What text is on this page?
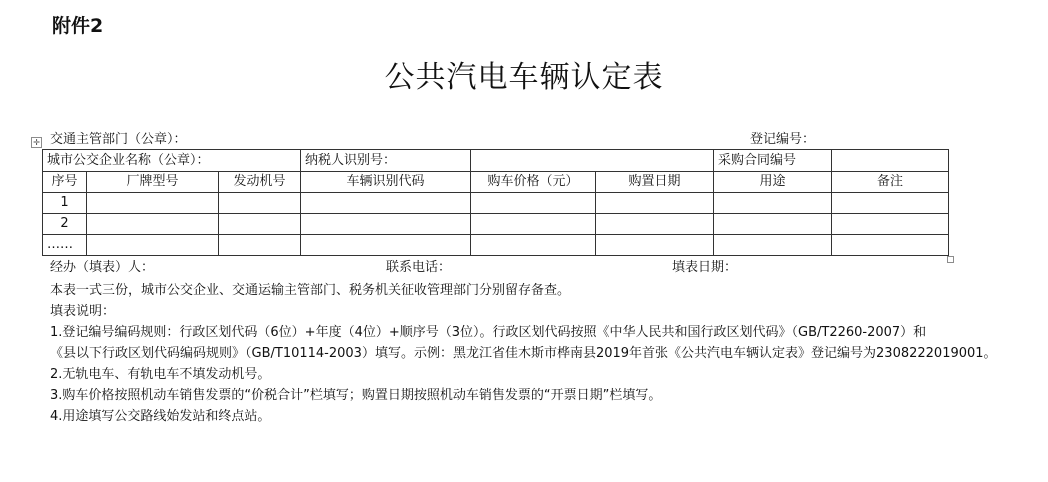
附件2
公共汽电车辆认定表
✛ 交通主管部门（公章）：	登记编号：
城市公交企业名称（公章）：			纳税人识别号：			采购合同编号	
序号	厂牌型号	发动机号	车辆识别代码	购车价格（元）	购置日期	用途	备注
1							
2							
……							
经办（填表）人：	联系电话：	填表日期：
本表一式三份，城市公交企业、交通运输主管部门、税务机关征收管理部门分别留存备查。
填表说明：
1.登记编号编码规则：行政区划代码（6位）+年度（4位）+顺序号（3位）。行政区划代码按照《中华人民共和国行政区划代码》（GB/T2260-2007）和
《县以下行政区划代码编码规则》（GB/T10114-2003）填写。示例：黑龙江省佳木斯市桦南县2019年首张《公共汽电车辆认定表》登记编号为2308222019001。
2.无轨电车、有轨电车不填发动机号。
3.购车价格按照机动车销售发票的“价税合计”栏填写；购置日期按照机动车销售发票的“开票日期”栏填写。
4.用途填写公交路线始发站和终点站。
